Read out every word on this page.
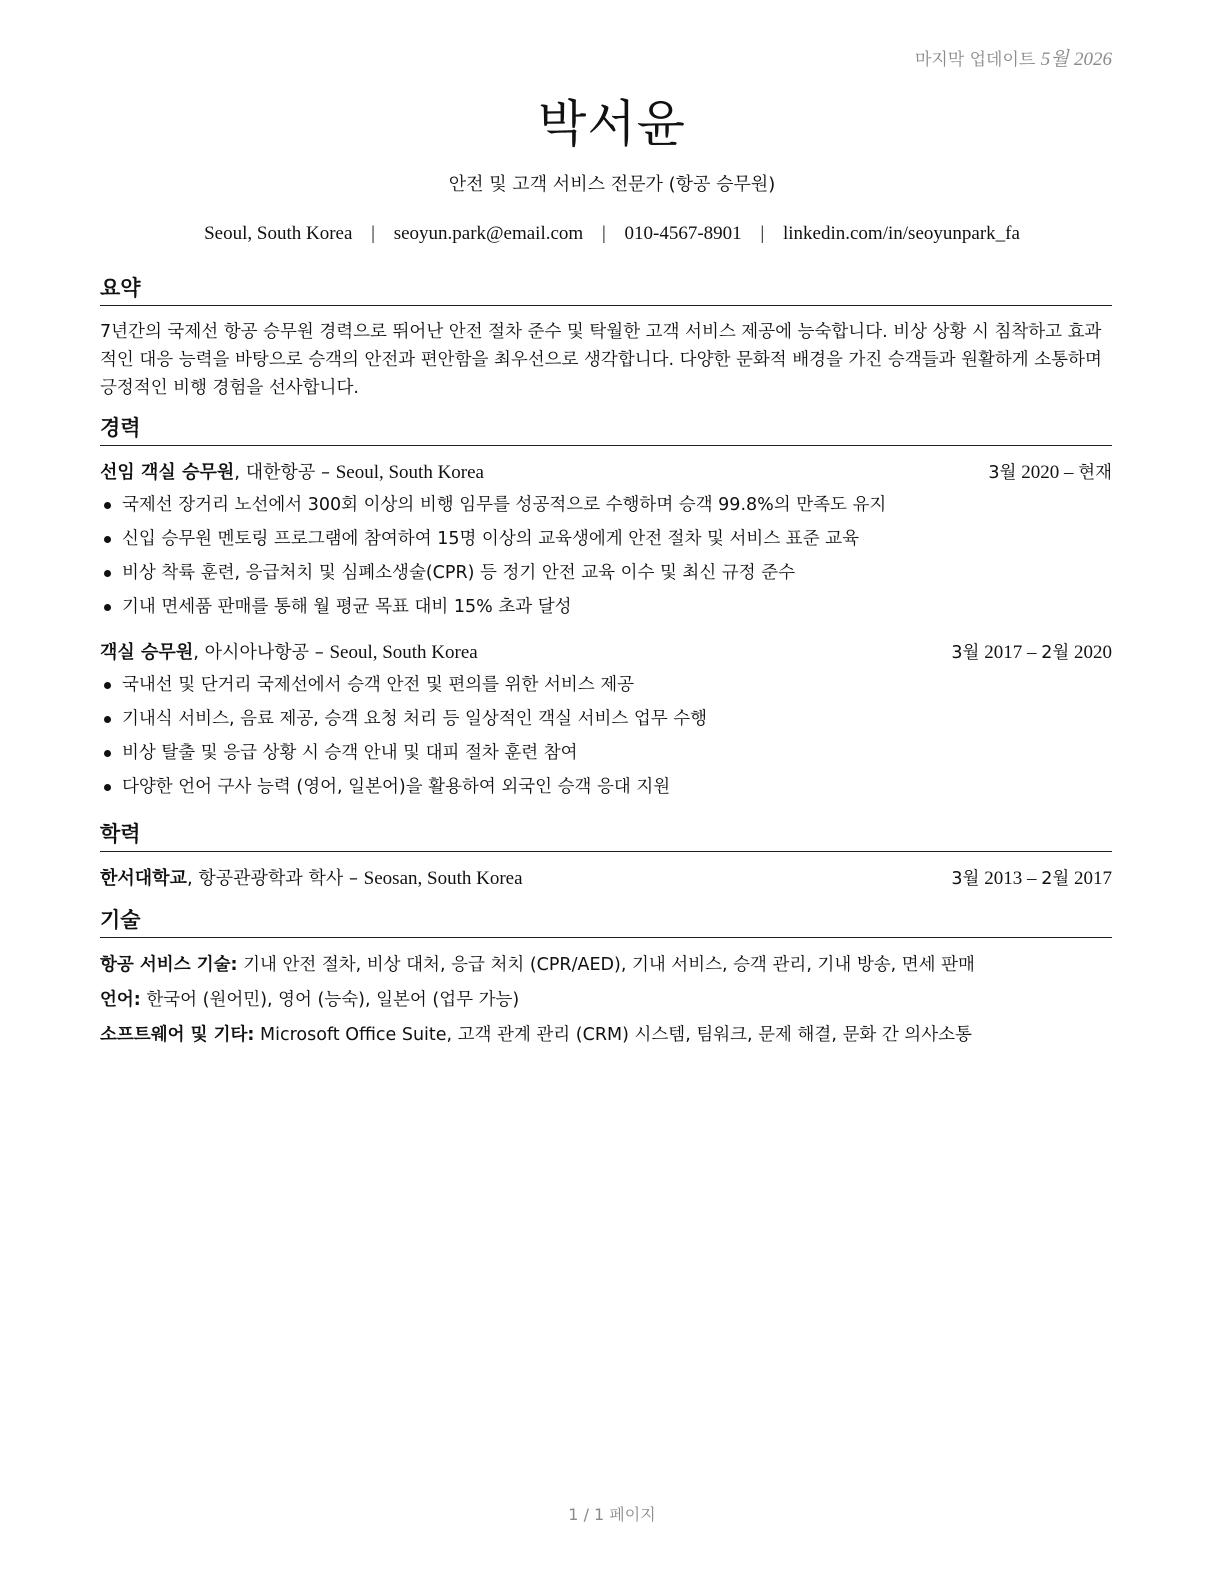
마지막 업데이트 5월 2026
박서윤
안전 및 고객 서비스 전문가 (항공 승무원)
Seoul, South Korea | seoyun.park@email.com | 010-4567-8901 | linkedin.com/in/seoyunpark_fa
요약
7년간의 국제선 항공 승무원 경력으로 뛰어난 안전 절차 준수 및 탁월한 고객 서비스 제공에 능숙합니다. 비상 상황 시 침착하고 효과적인 대응 능력을 바탕으로 승객의 안전과 편안함을 최우선으로 생각합니다. 다양한 문화적 배경을 가진 승객들과 원활하게 소통하며 긍정적인 비행 경험을 선사합니다.
경력
선임 객실 승무원, 대한항공 – Seoul, South Korea	3월 2020 – 현재
국제선 장거리 노선에서 300회 이상의 비행 임무를 성공적으로 수행하며 승객 99.8%의 만족도 유지
신입 승무원 멘토링 프로그램에 참여하여 15명 이상의 교육생에게 안전 절차 및 서비스 표준 교육
비상 착륙 훈련, 응급처치 및 심폐소생술(CPR) 등 정기 안전 교육 이수 및 최신 규정 준수
기내 면세품 판매를 통해 월 평균 목표 대비 15% 초과 달성
객실 승무원, 아시아나항공 – Seoul, South Korea	3월 2017 – 2월 2020
국내선 및 단거리 국제선에서 승객 안전 및 편의를 위한 서비스 제공
기내식 서비스, 음료 제공, 승객 요청 처리 등 일상적인 객실 서비스 업무 수행
비상 탈출 및 응급 상황 시 승객 안내 및 대피 절차 훈련 참여
다양한 언어 구사 능력 (영어, 일본어)을 활용하여 외국인 승객 응대 지원
학력
한서대학교, 항공관광학과 학사 – Seosan, South Korea	3월 2013 – 2월 2017
기술
항공 서비스 기술: 기내 안전 절차, 비상 대처, 응급 처치 (CPR/AED), 기내 서비스, 승객 관리, 기내 방송, 면세 판매
언어: 한국어 (원어민), 영어 (능숙), 일본어 (업무 가능)
소프트웨어 및 기타: Microsoft Office Suite, 고객 관계 관리 (CRM) 시스템, 팀워크, 문제 해결, 문화 간 의사소통
1 / 1 페이지
